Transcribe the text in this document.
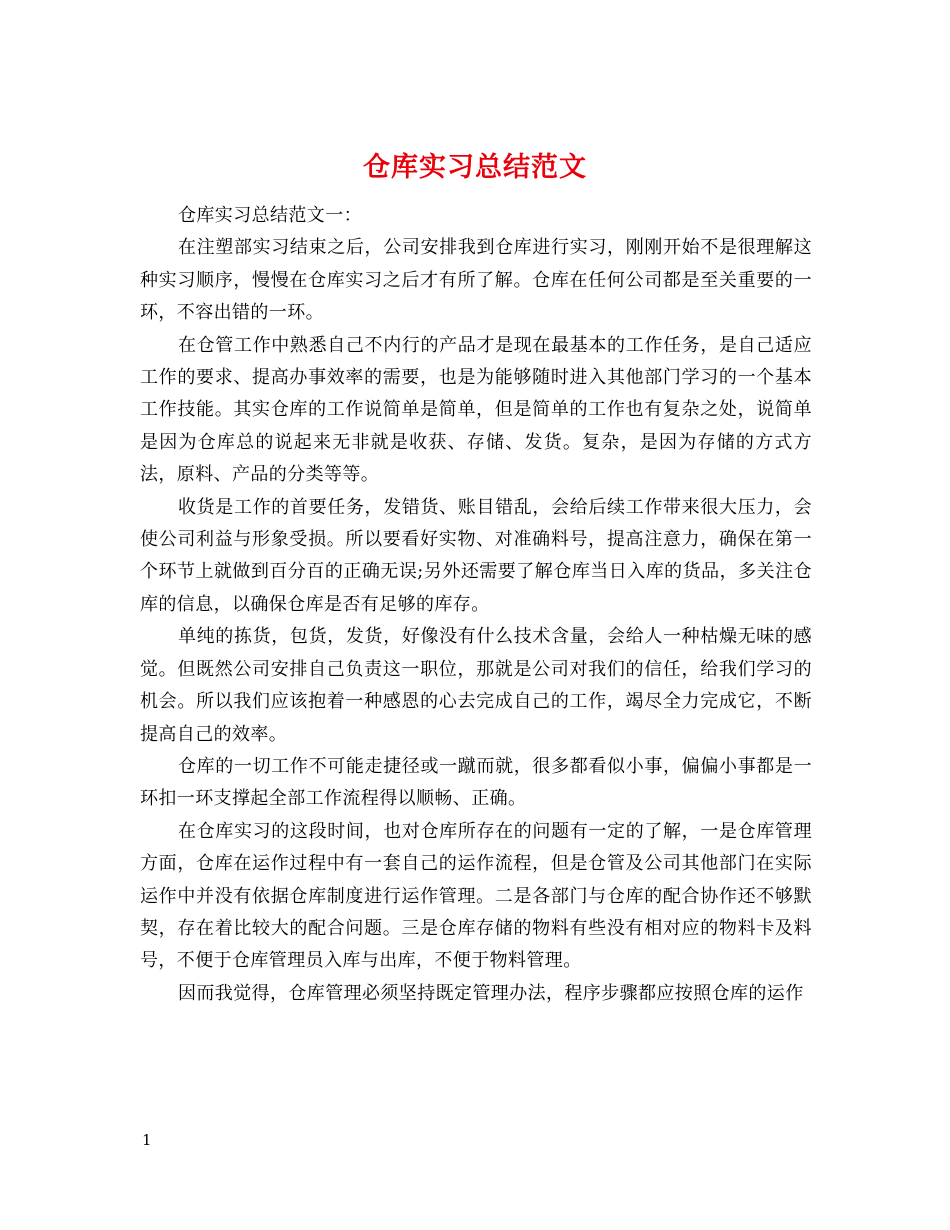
仓库实习总结范文

仓库实习总结范文一：

在注塑部实习结束之后，公司安排我到仓库进行实习，刚刚开始不是很理解这种实习顺序，慢慢在仓库实习之后才有所了解。仓库在任何公司都是至关重要的一环，不容出错的一环。

在仓管工作中熟悉自己不内行的产品才是现在最基本的工作任务，是自己适应工作的要求、提高办事效率的需要，也是为能够随时进入其他部门学习的一个基本工作技能。其实仓库的工作说简单是简单，但是简单的工作也有复杂之处，说简单是因为仓库总的说起来无非就是收获、存储、发货。复杂，是因为存储的方式方法，原料、产品的分类等等。

收货是工作的首要任务，发错货、账目错乱，会给后续工作带来很大压力，会使公司利益与形象受损。所以要看好实物、对准确料号，提高注意力，确保在第一个环节上就做到百分百的正确无误;另外还需要了解仓库当日入库的货品，多关注仓库的信息，以确保仓库是否有足够的库存。

单纯的拣货，包货，发货，好像没有什么技术含量，会给人一种枯燥无味的感觉。但既然公司安排自己负责这一职位，那就是公司对我们的信任，给我们学习的机会。所以我们应该抱着一种感恩的心去完成自己的工作，竭尽全力完成它，不断提高自己的效率。

仓库的一切工作不可能走捷径或一蹴而就，很多都看似小事，偏偏小事都是一环扣一环支撑起全部工作流程得以顺畅、正确。

在仓库实习的这段时间，也对仓库所存在的问题有一定的了解，一是仓库管理方面，仓库在运作过程中有一套自己的运作流程，但是仓管及公司其他部门在实际运作中并没有依据仓库制度进行运作管理。二是各部门与仓库的配合协作还不够默契，存在着比较大的配合问题。三是仓库存储的物料有些没有相对应的物料卡及料号，不便于仓库管理员入库与出库，不便于物料管理。

因而我觉得，仓库管理必须坚持既定管理办法，程序步骤都应按照仓库的运作

1
